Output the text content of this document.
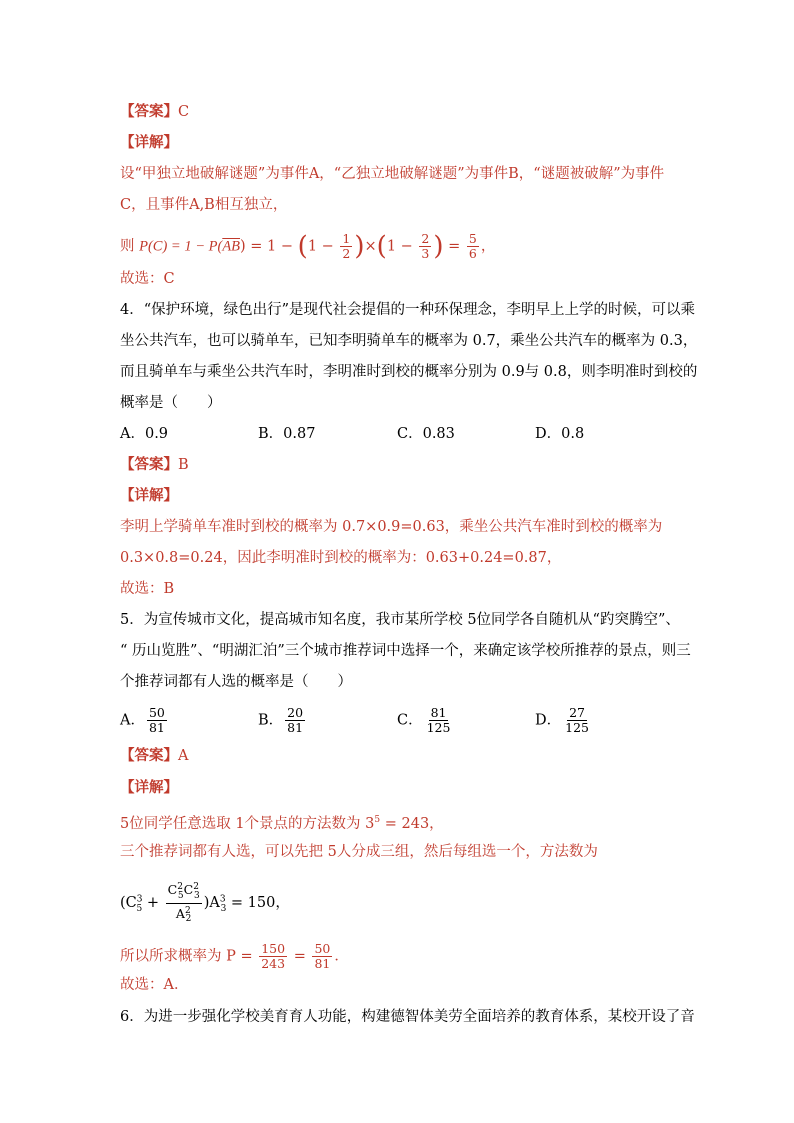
【答案】C
【详解】
设“甲独立地破解谜题”为事件A，“乙独立地破解谜题”为事件B，“谜题被破解”为事件
C，且事件A,B相互独立，
则 $P(C) = 1 - P(\overline{AB}) = 1 - (1 - \frac{1}{2} )\times(1 - \frac{2}{3}$ ) = $\frac{5}{6}$ ，
故选：C
4．“保护环境，绿色出行”是现代社会提倡的一种环保理念，李明早上上学的时候，可以乘
坐公共汽车，也可以骑单车，已知李明骑单车的概率为 0.7，乘坐公共汽车的概率为 0.3，
而且骑单车与乘坐公共汽车时，李明准时到校的概率分别为 0.9与 0.8，则李明准时到校的
概率是（　　）
A．0.9	B．0.87	C．0.83	D．0.8
【答案】B
【详解】
李明上学骑单车准时到校的概率为 0.7×0.9=0.63，乘坐公共汽车准时到校的概率为
0.3×0.8=0.24，因此李明准时到校的概率为：0.63+0.24=0.87，
故选：B
5．为宣传城市文化，提高城市知名度，我市某所学校 5位同学各自随机从“趵突腾空”、
“ 历山览胜”、“明湖汇泊”三个城市推荐词中选择一个，来确定该学校所推荐的景点，则三
个推荐词都有人选的概率是（　　）
A． $\frac{50}{81}$	B． $\frac{20}{81}$	C． $\frac{81}{125}$	D． $\frac{27}{125}$
【答案】A
【详解】
5位同学任意选取 1个景点的方法数为 $3^5 = 243$，
三个推荐词都有人选，可以先把 5人分成三组，然后每组选一个，方法数为
$(C^3_5 + \frac{C^2_5C^2_3}{A^2_2} )A^3_3 = 150$，
所以所求概率为 $P = \frac{150}{243} = \frac{50}{81}$ ．
故选：A．
6．为进一步强化学校美育育人功能，构建德智体美劳全面培养的教育体系，某校开设了音
